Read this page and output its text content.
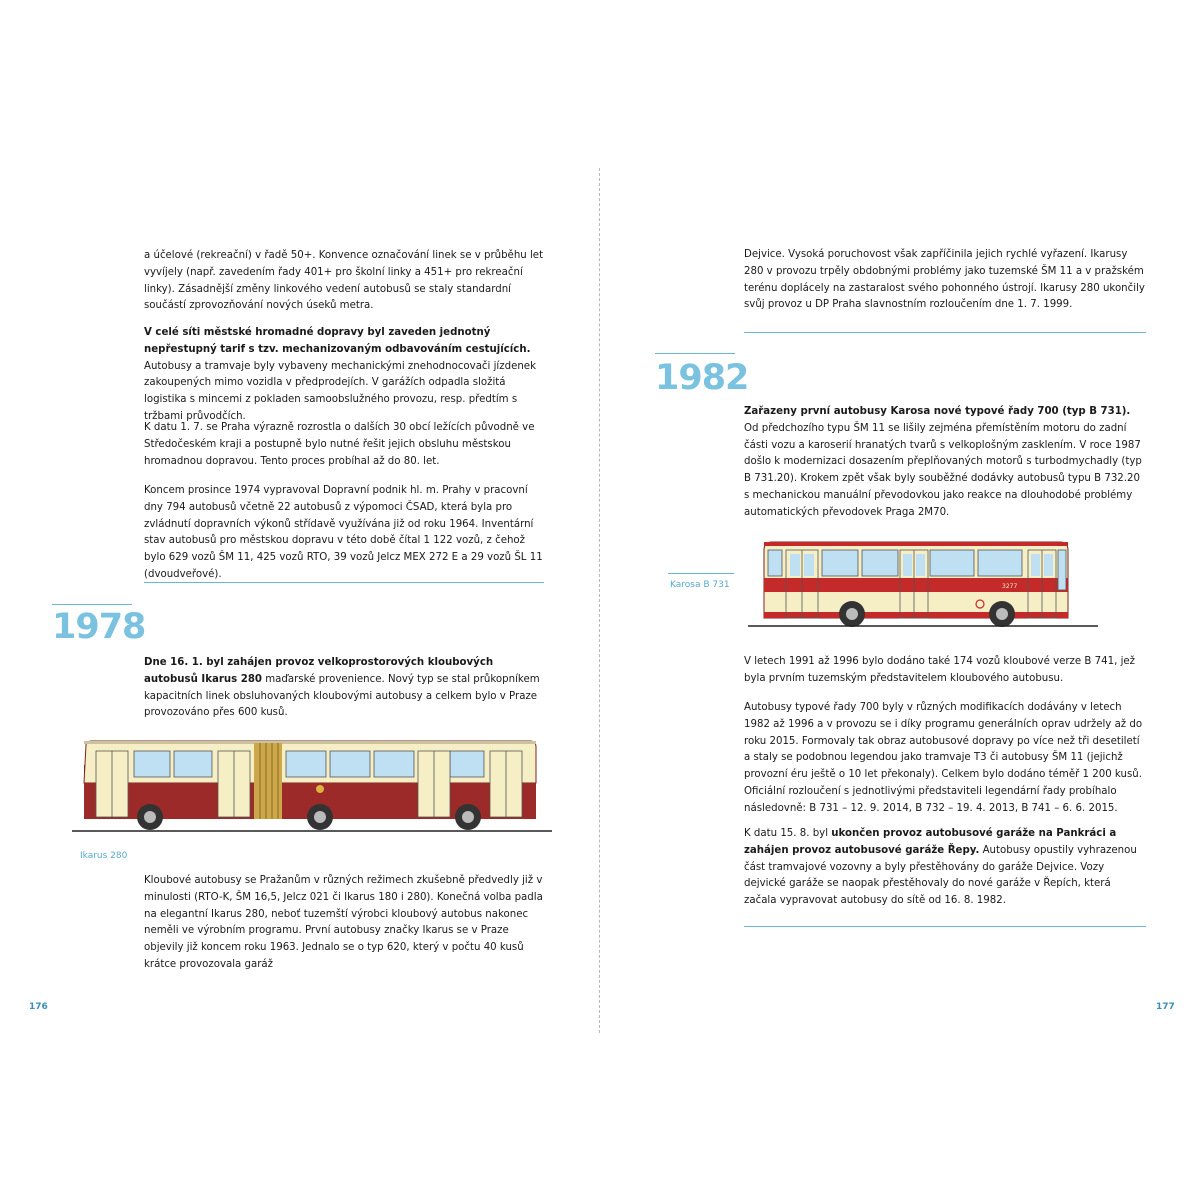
a účelové (rekreační) v řadě 50+. Konvence označování linek se v průběhu let vyvíjely (např. zavedením řady 401+ pro školní linky a 451+ pro rekreační linky). Zásadnější změny linkového vedení autobusů se staly standardní součástí zprovozňování nových úseků metra.

V celé síti městské hromadné dopravy byl zaveden jednotný nepřestupný tarif s tzv. mechanizovaným odbavováním cestujících. Autobusy a tramvaje byly vybaveny mechanickými znehodnocovači jízdenek zakoupených mimo vozidla v předprodejích. V garážích odpadla složitá logistika s mincemi z pokladen samoobslužného provozu, resp. předtím s tržbami průvodčích.

K datu 1. 7. se Praha výrazně rozrostla o dalších 30 obcí ležících původně ve Středočeském kraji a postupně bylo nutné řešit jejich obsluhu městskou hromadnou dopravou. Tento proces probíhal až do 80. let.

Koncem prosince 1974 vypravoval Dopravní podnik hl. m. Prahy v pracovní dny 794 autobusů včetně 22 autobusů z výpomoci ČSAD, která byla pro zvládnutí dopravních výkonů střídavě využívána již od roku 1964. Inventární stav autobusů pro městskou dopravu v této době čítal 1 122 vozů, z čehož bylo 629 vozů ŠM 11, 425 vozů RTO, 39 vozů Jelcz MEX 272 E a 29 vozů ŠL 11 (dvoudveřové).

1978

Dne 16. 1. byl zahájen provoz velkoprostorových kloubových autobusů Ikarus 280 maďarské provenience. Nový typ se stal průkopníkem kapacitních linek obsluhovaných kloubovými autobusy a celkem bylo v Praze provozováno přes 600 kusů.

Ikarus 280

Kloubové autobusy se Pražanům v různých režimech zkušebně předvedly již v minulosti (RTO-K, ŠM 16,5, Jelcz 021 či Ikarus 180 i 280). Konečná volba padla na elegantní Ikarus 280, neboť tuzemští výrobci kloubový autobus nakonec neměli ve výrobním programu. První autobusy značky Ikarus se v Praze objevily již koncem roku 1963. Jednalo se o typ 620, který v počtu 40 kusů krátce provozovala garáž

176

Dejvice. Vysoká poruchovost však zapříčinila jejich rychlé vyřazení. Ikarusy 280 v provozu trpěly obdobnými problémy jako tuzemské ŠM 11 a v pražském terénu doplácely na zastaralost svého pohonného ústrojí. Ikarusy 280 ukončily svůj provoz u DP Praha slavnostním rozloučením dne 1. 7. 1999.

1982

Zařazeny první autobusy Karosa nové typové řady 700 (typ B 731).
Od předchozího typu ŠM 11 se lišily zejména přemístěním motoru do zadní části vozu a karoserií hranatých tvarů s velkoplošným zasklením. V roce 1987 došlo k modernizaci dosazením přeplňovaných motorů s turbodmychadly (typ B 731.20). Krokem zpět však byly souběžné dodávky autobusů typu B 732.20 s mechanickou manuální převodovkou jako reakce na dlouhodobé problémy automatických převodovek Praga 2M70.

3277
Karosa B 731

V letech 1991 až 1996 bylo dodáno také 174 vozů kloubové verze B 741, jež byla prvním tuzemským představitelem kloubového autobusu.

Autobusy typové řady 700 byly v různých modifikacích dodávány v letech 1982 až 1996 a v provozu se i díky programu generálních oprav udržely až do roku 2015. Formovaly tak obraz autobusové dopravy po více než tři desetiletí a staly se podobnou legendou jako tramvaje T3 či autobusy ŠM 11 (jejichž provozní éru ještě o 10 let překonaly). Celkem bylo dodáno téměř 1 200 kusů. Oficiální rozloučení s jednotlivými představiteli legendární řady probíhalo následovně: B 731 – 12. 9. 2014, B 732 – 19. 4. 2013, B 741 – 6. 6. 2015.

K datu 15. 8. byl ukončen provoz autobusové garáže na Pankráci a zahájen provoz autobusové garáže Řepy. Autobusy opustily vyhrazenou část tramvajové vozovny a byly přestěhovány do garáže Dejvice. Vozy dejvické garáže se naopak přestěhovaly do nové garáže v Řepích, která začala vypravovat autobusy do sítě od 16. 8. 1982.

177
